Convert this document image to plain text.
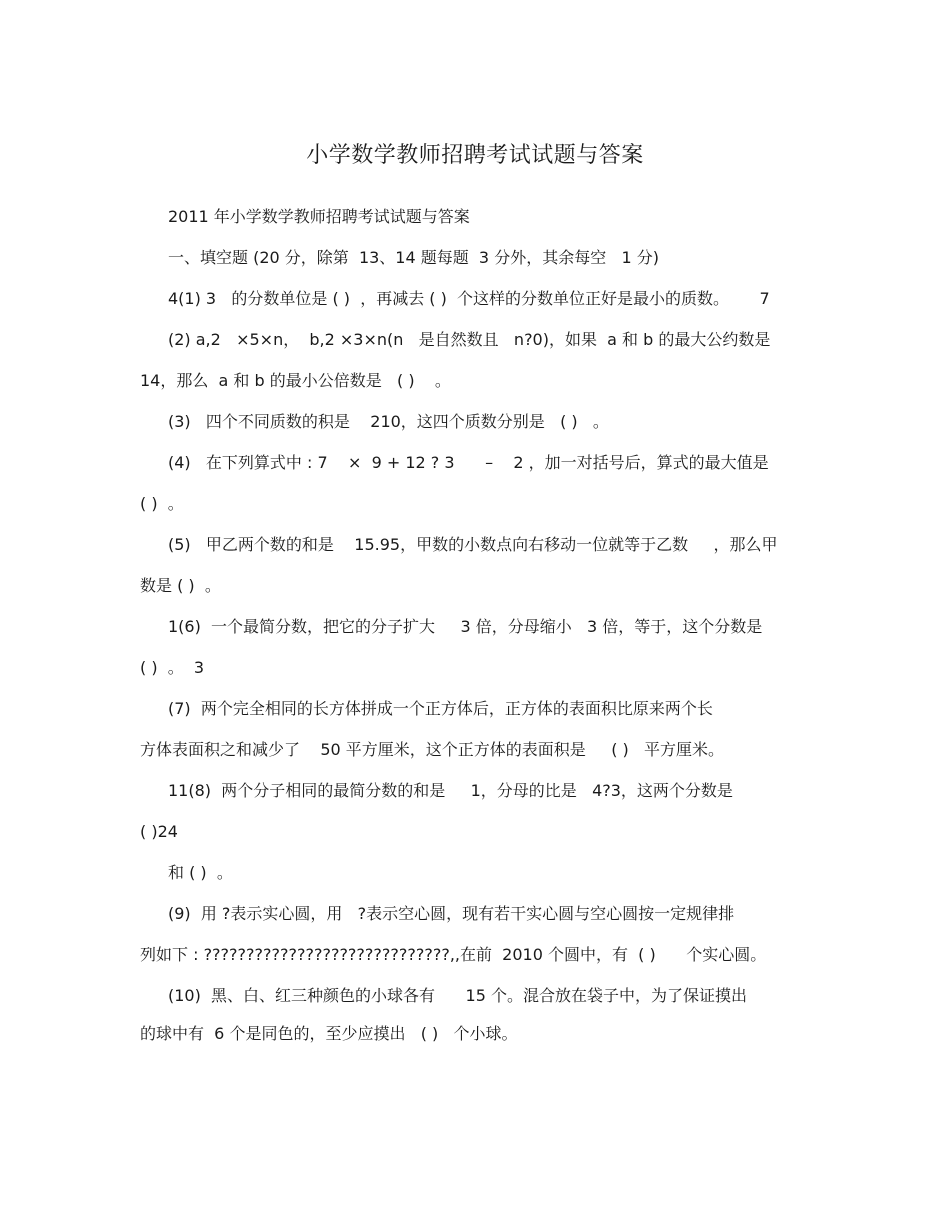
小学数学教师招聘考试试题与答案
2011 年小学数学教师招聘考试试题与答案
一、填空题 (20 分，除第  13、14 题每题  3 分外，其余每空   1 分)
4(1) 3   的分数单位是 ( )  ，再减去 ( )  个这样的分数单位正好是最小的质数。      7
(2) a,2   ×5×n，  b,2 ×3×n(n   是自然数且   n?0)，如果  a 和 b 的最大公约数是
14，那么  a 和 b 的最小公倍数是   ( )    。
(3)   四个不同质数的积是    210，这四个质数分别是   ( )   。
(4)   在下列算式中 : 7    ×  9 + 12 ? 3      –    2 ，加一对括号后，算式的最大值是
( )  。
(5)   甲乙两个数的和是    15.95，甲数的小数点向右移动一位就等于乙数     ，那么甲
数是 ( )  。
1(6)  一个最简分数，把它的分子扩大     3 倍，分母缩小   3 倍，等于，这个分数是
( )  。  3
(7)  两个完全相同的长方体拼成一个正方体后，正方体的表面积比原来两个长
方体表面积之和减少了    50 平方厘米，这个正方体的表面积是     ( )   平方厘米。
11(8)  两个分子相同的最简分数的和是     1，分母的比是   4?3，这两个分数是
( )24
和 ( )  。
(9)  用 ?表示实心圆，用   ?表示空心圆，现有若干实心圆与空心圆按一定规律排
列如下 : ?????????????????????????????,,在前  2010 个圆中，有  ( )      个实心圆。
(10)  黑、白、红三种颜色的小球各有      15 个。混合放在袋子中，为了保证摸出
的球中有  6 个是同色的，至少应摸出   ( )   个小球。
